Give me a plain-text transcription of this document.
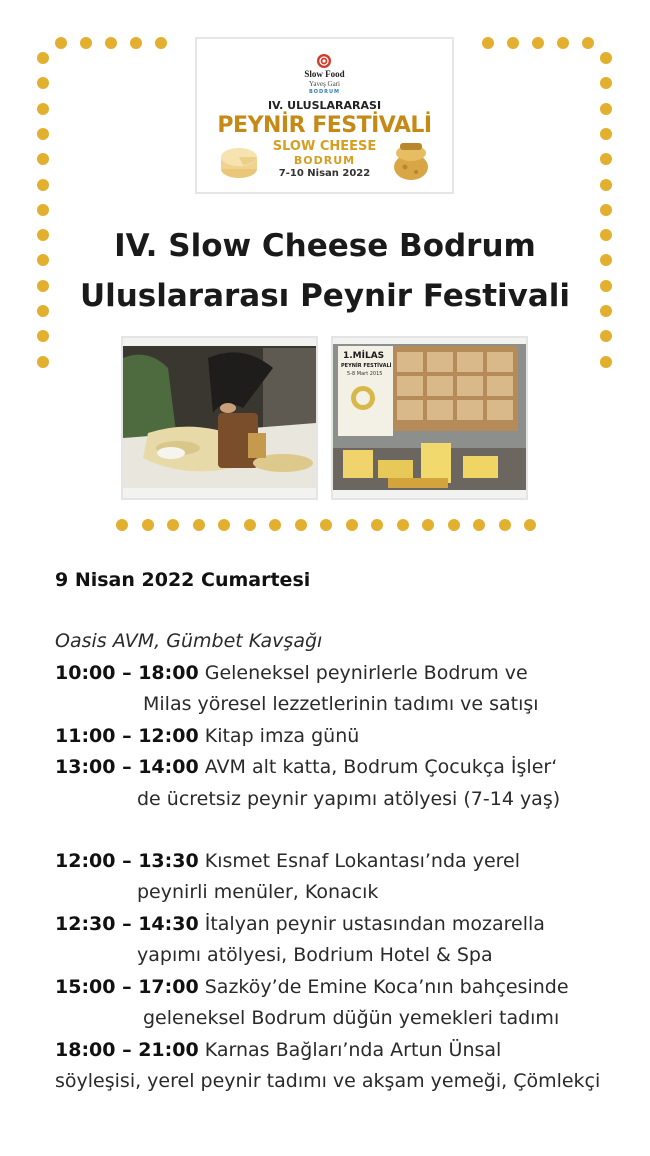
Slow Food
Yaveş Gari
BODRUM
IV. ULUSLARARASI
PEYNİR FESTİVALİ
SLOW CHEESE
BODRUM
7-10 Nisan 2022
IV. Slow Cheese Bodrum
Uluslararası Peynir Festivali
1.MİLAS
PEYNİR FESTİVALİ
5-8 Mart 2015
9 Nisan 2022 Cumartesi
Oasis AVM, Gümbet Kavşağı
10:00 – 18:00 Geleneksel peynirlerle Bodrum ve
Milas yöresel lezzetlerinin tadımı ve satışı
11:00 – 12:00 Kitap imza günü
13:00 – 14:00 AVM alt katta, Bodrum Çocukça İşler‘
de ücretsiz peynir yapımı atölyesi (7-14 yaş)
12:00 – 13:30 Kısmet Esnaf Lokantası’nda yerel
peynirli menüler, Konacık
12:30 – 14:30 İtalyan peynir ustasından mozarella
yapımı atölyesi, Bodrium Hotel & Spa
15:00 – 17:00 Sazköy’de Emine Koca’nın bahçesinde
geleneksel Bodrum düğün yemekleri tadımı
18:00 – 21:00 Karnas Bağları’nda Artun Ünsal
söyleşisi, yerel peynir tadımı ve akşam yemeği, Çömlekçi
